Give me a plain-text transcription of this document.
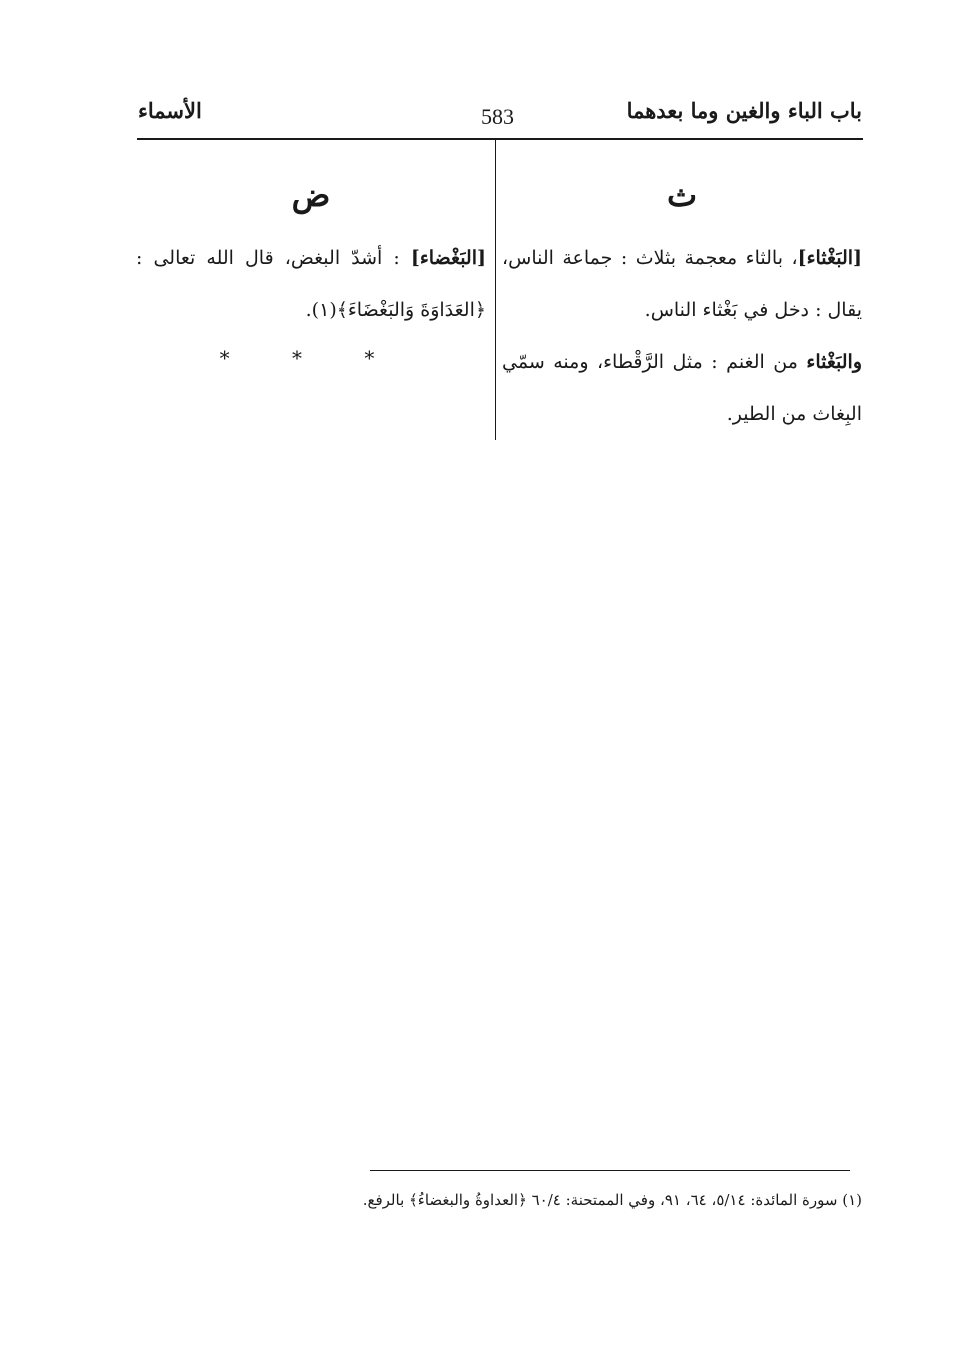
باب الباء والغين وما بعدهما
583
الأسماء
ث

[البَغْثاء]، بالثاء معجمة بثلاث : جماعة الناس، يقال : دخل في بَغْثاء الناس.

والبَغْثاء من الغنم : مثل الرَّقْطاء، ومنه سمّي البِغاث من الطير.

ض

[البَغْضاء] : أشدّ البغض، قال الله تعالى : ﴿العَدَاوَةَ وَالبَغْضَاءَ﴾(١).

* * *
(١) سورة المائدة: ٥/١٤، ٦٤، ٩١، وفي الممتحنة: ٦٠/٤ ﴿العداوةُ والبغضاءُ﴾ بالرفع.
